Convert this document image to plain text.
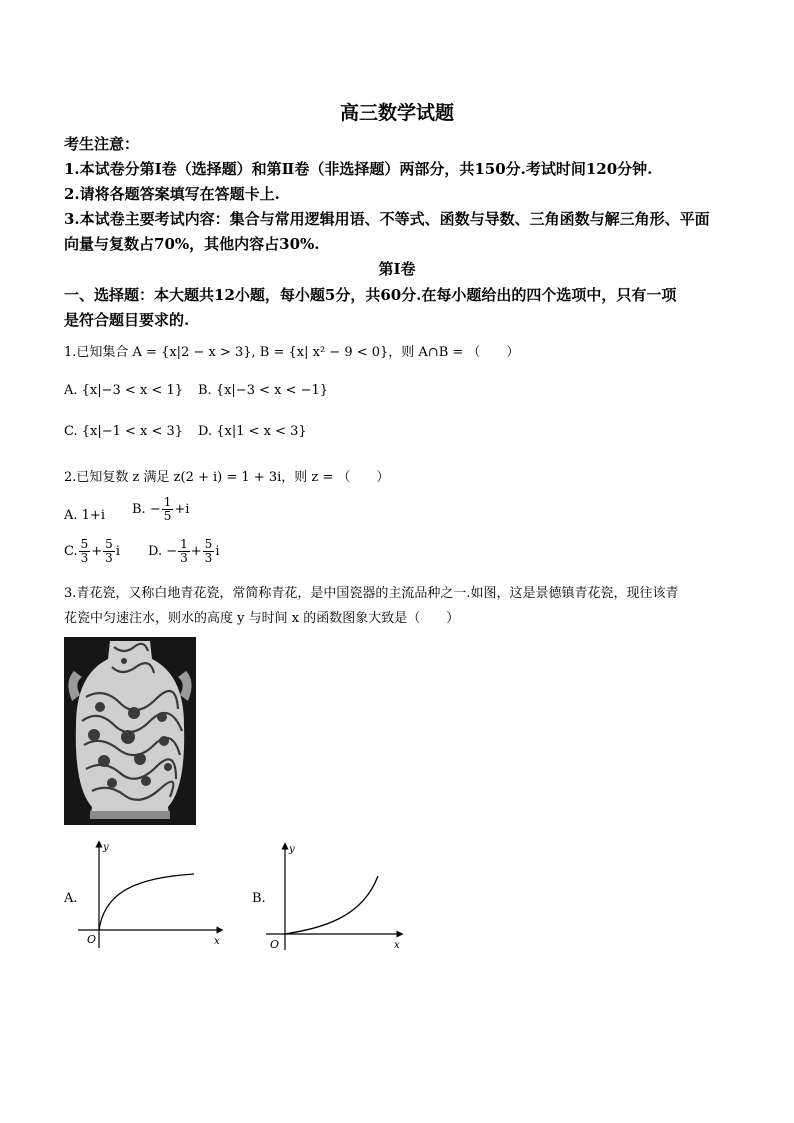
高三数学试题
考生注意：
1.本试卷分第Ⅰ卷（选择题）和第Ⅱ卷（非选择题）两部分，共150分.考试时间120分钟.
2.请将各题答案填写在答题卡上.
3.本试卷主要考试内容：集合与常用逻辑用语、不等式、函数与导数、三角函数与解三角形、平面
向量与复数占70%，其他内容占30%.
第Ⅰ卷
一、选择题：本大题共12小题，每小题5分，共60分.在每小题给出的四个选项中，只有一项
是符合题目要求的.
1.已知集合 A = {x|2 − x > 3}, B = {x| x² − 9 < 0}，则 A∩B = （　　）
A. {x|−3 < x < 1} B. {x|−3 < x < −1}
C. {x|−1 < x < 3} D. {x|1 < x < 3}
2.已知复数 z 满足 z(2 + i) = 1 + 3i，则 z = （　　）
A. 1+i B. − $\frac{1}{5} +i$
C. $\frac{5}{3} + \frac{5}{3}$ i D. − $\frac{1}{3} + \frac{5}{3}$ i
3.青花瓷，又称白地青花瓷，常简称青花，是中国瓷器的主流品种之一.如图，这是景德镇青花瓷，现往该青
花瓷中匀速注水，则水的高度 y 与时间 x 的函数图象大致是（　　）
A.
y
x
O
B.
y
x
O
